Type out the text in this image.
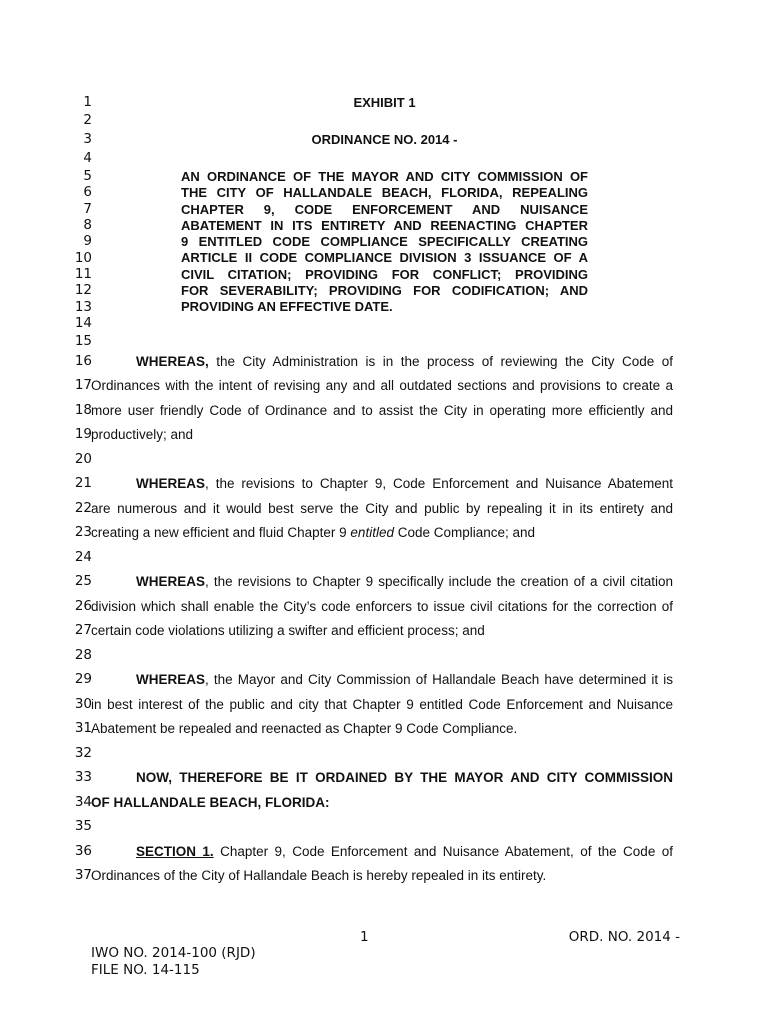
1
2
3
4
5
6
7
8
9
10
11
12
13
14
15
16
17
18
19
20
21
22
23
24
25
26
27
28
29
30
31
32
33
34
35
36
37
EXHIBIT 1
ORDINANCE NO. 2014 -
AN ORDINANCE OF THE MAYOR AND CITY COMMISSION OF
THE CITY OF HALLANDALE BEACH, FLORIDA, REPEALING
CHAPTER 9, CODE ENFORCEMENT AND NUISANCE
ABATEMENT IN ITS ENTIRETY AND REENACTING CHAPTER
9 ENTITLED CODE COMPLIANCE SPECIFICALLY CREATING
ARTICLE II CODE COMPLIANCE DIVISION 3 ISSUANCE OF A
CIVIL CITATION; PROVIDING FOR CONFLICT; PROVIDING
FOR SEVERABILITY; PROVIDING FOR CODIFICATION; AND
PROVIDING AN EFFECTIVE DATE.
WHEREAS, the City Administration is in the process of reviewing the City Code of
Ordinances with the intent of revising any and all outdated sections and provisions to create a
more user friendly Code of Ordinance and to assist the City in operating more efficiently and
productively; and
WHEREAS, the revisions to Chapter 9, Code Enforcement and Nuisance Abatement
are numerous and it would best serve the City and public by repealing it in its entirety and
creating a new efficient and fluid Chapter 9 entitled Code Compliance; and
WHEREAS, the revisions to Chapter 9 specifically include the creation of a civil citation
division which shall enable the City’s code enforcers to issue civil citations for the correction of
certain code violations utilizing a swifter and efficient process; and
WHEREAS, the Mayor and City Commission of Hallandale Beach have determined it is
in best interest of the public and city that Chapter 9 entitled Code Enforcement and Nuisance
Abatement be repealed and reenacted as Chapter 9 Code Compliance.
NOW, THEREFORE BE IT ORDAINED BY THE MAYOR AND CITY COMMISSION
OF HALLANDALE BEACH, FLORIDA:
SECTION 1. Chapter 9, Code Enforcement and Nuisance Abatement, of the Code of
Ordinances of the City of Hallandale Beach is hereby repealed in its entirety.
1	ORD. NO. 2014 -
IWO NO. 2014-100 (RJD)
FILE NO. 14-115
